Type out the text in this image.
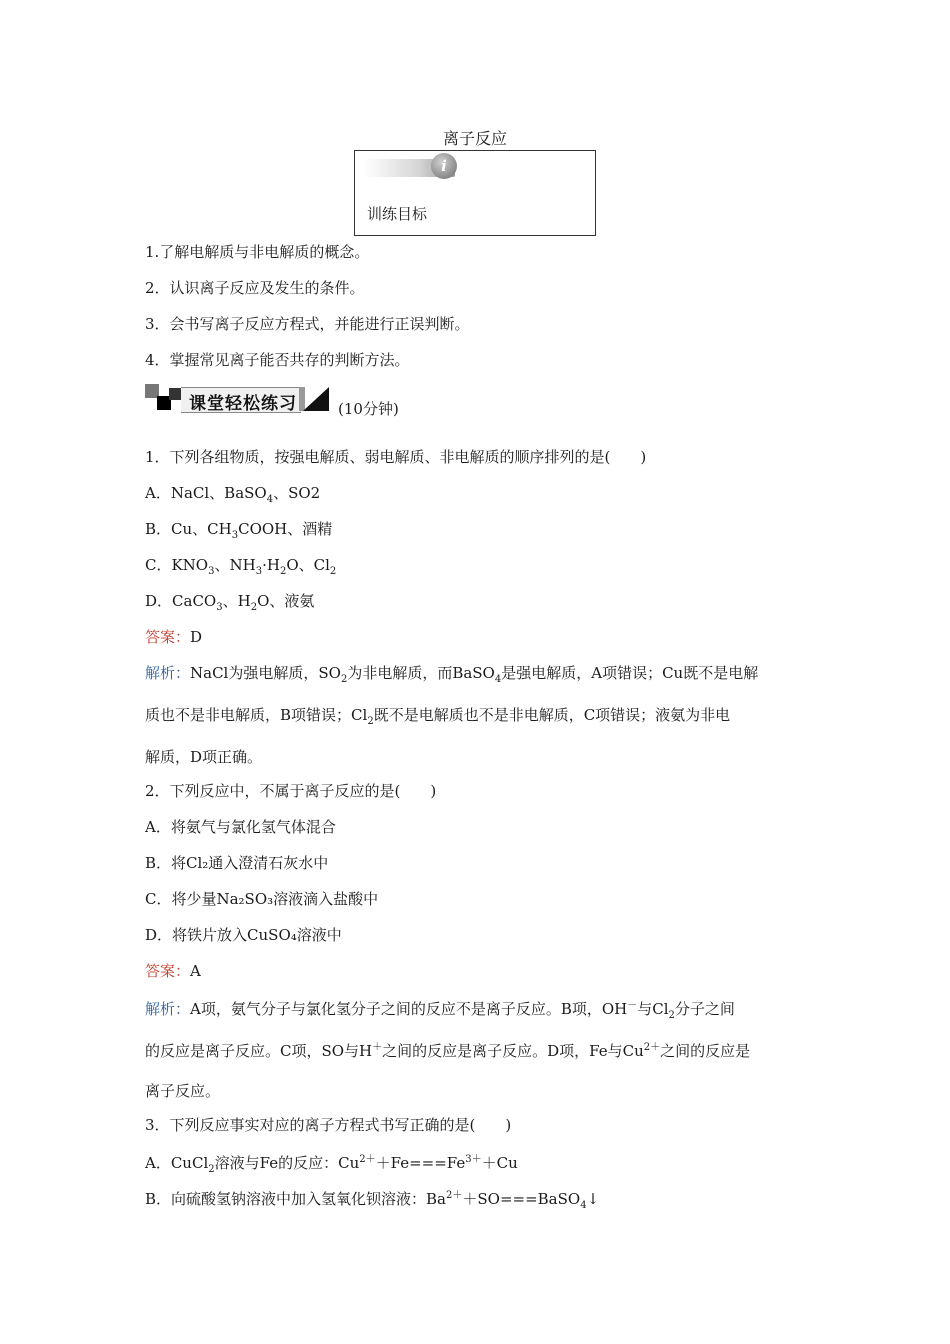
离子反应
i
训练目标
1.了解电解质与非电解质的概念。
2．认识离子反应及发生的条件。
3．会书写离子反应方程式，并能进行正误判断。
4．掌握常见离子能否共存的判断方法。
课堂轻松练习	(10分钟)
1．下列各组物质，按强电解质、弱电解质、非电解质的顺序排列的是(　　)
A．NaCl、BaSO$_4$、SO2
B．Cu、$CH_3COOH$、酒精
C．$KNO_3$、$NH_3\cdot H_2O$、$Cl_2$
D．CaCO$_3$、$H_2O$、液氨
答案：D
解析：NaCl为强电解质，$SO_2$为非电解质，而BaSO$_4$是强电解质，A项错误；Cu既不是电解
质也不是非电解质，B项错误；$Cl_2$既不是电解质也不是非电解质，C项错误；液氨为非电
解质，D项正确。
2．下列反应中，不属于离子反应的是(　　)
A．将氨气与氯化氢气体混合
B．将Cl₂通入澄清石灰水中
C．将少量Na₂SO₃溶液滴入盐酸中
D．将铁片放入CuSO₄溶液中
答案：A
解析：A项，氨气分子与氯化氢分子之间的反应不是离子反应。B项，OH－与$Cl_2$分子之间
的反应是离子反应。C项，SO与H＋之间的反应是离子反应。D项，Fe与$Cu^{2+}$之间的反应是
离子反应。
3．下列反应事实对应的离子方程式书写正确的是(　　)
A．CuCl$_2$溶液与Fe的反应：$Cu^{2+}+Fe===Fe^{3+}+Cu$
B．向硫酸氢钠溶液中加入氢氧化钡溶液：$Ba^{2+}+SO===BaSO_4↓$
